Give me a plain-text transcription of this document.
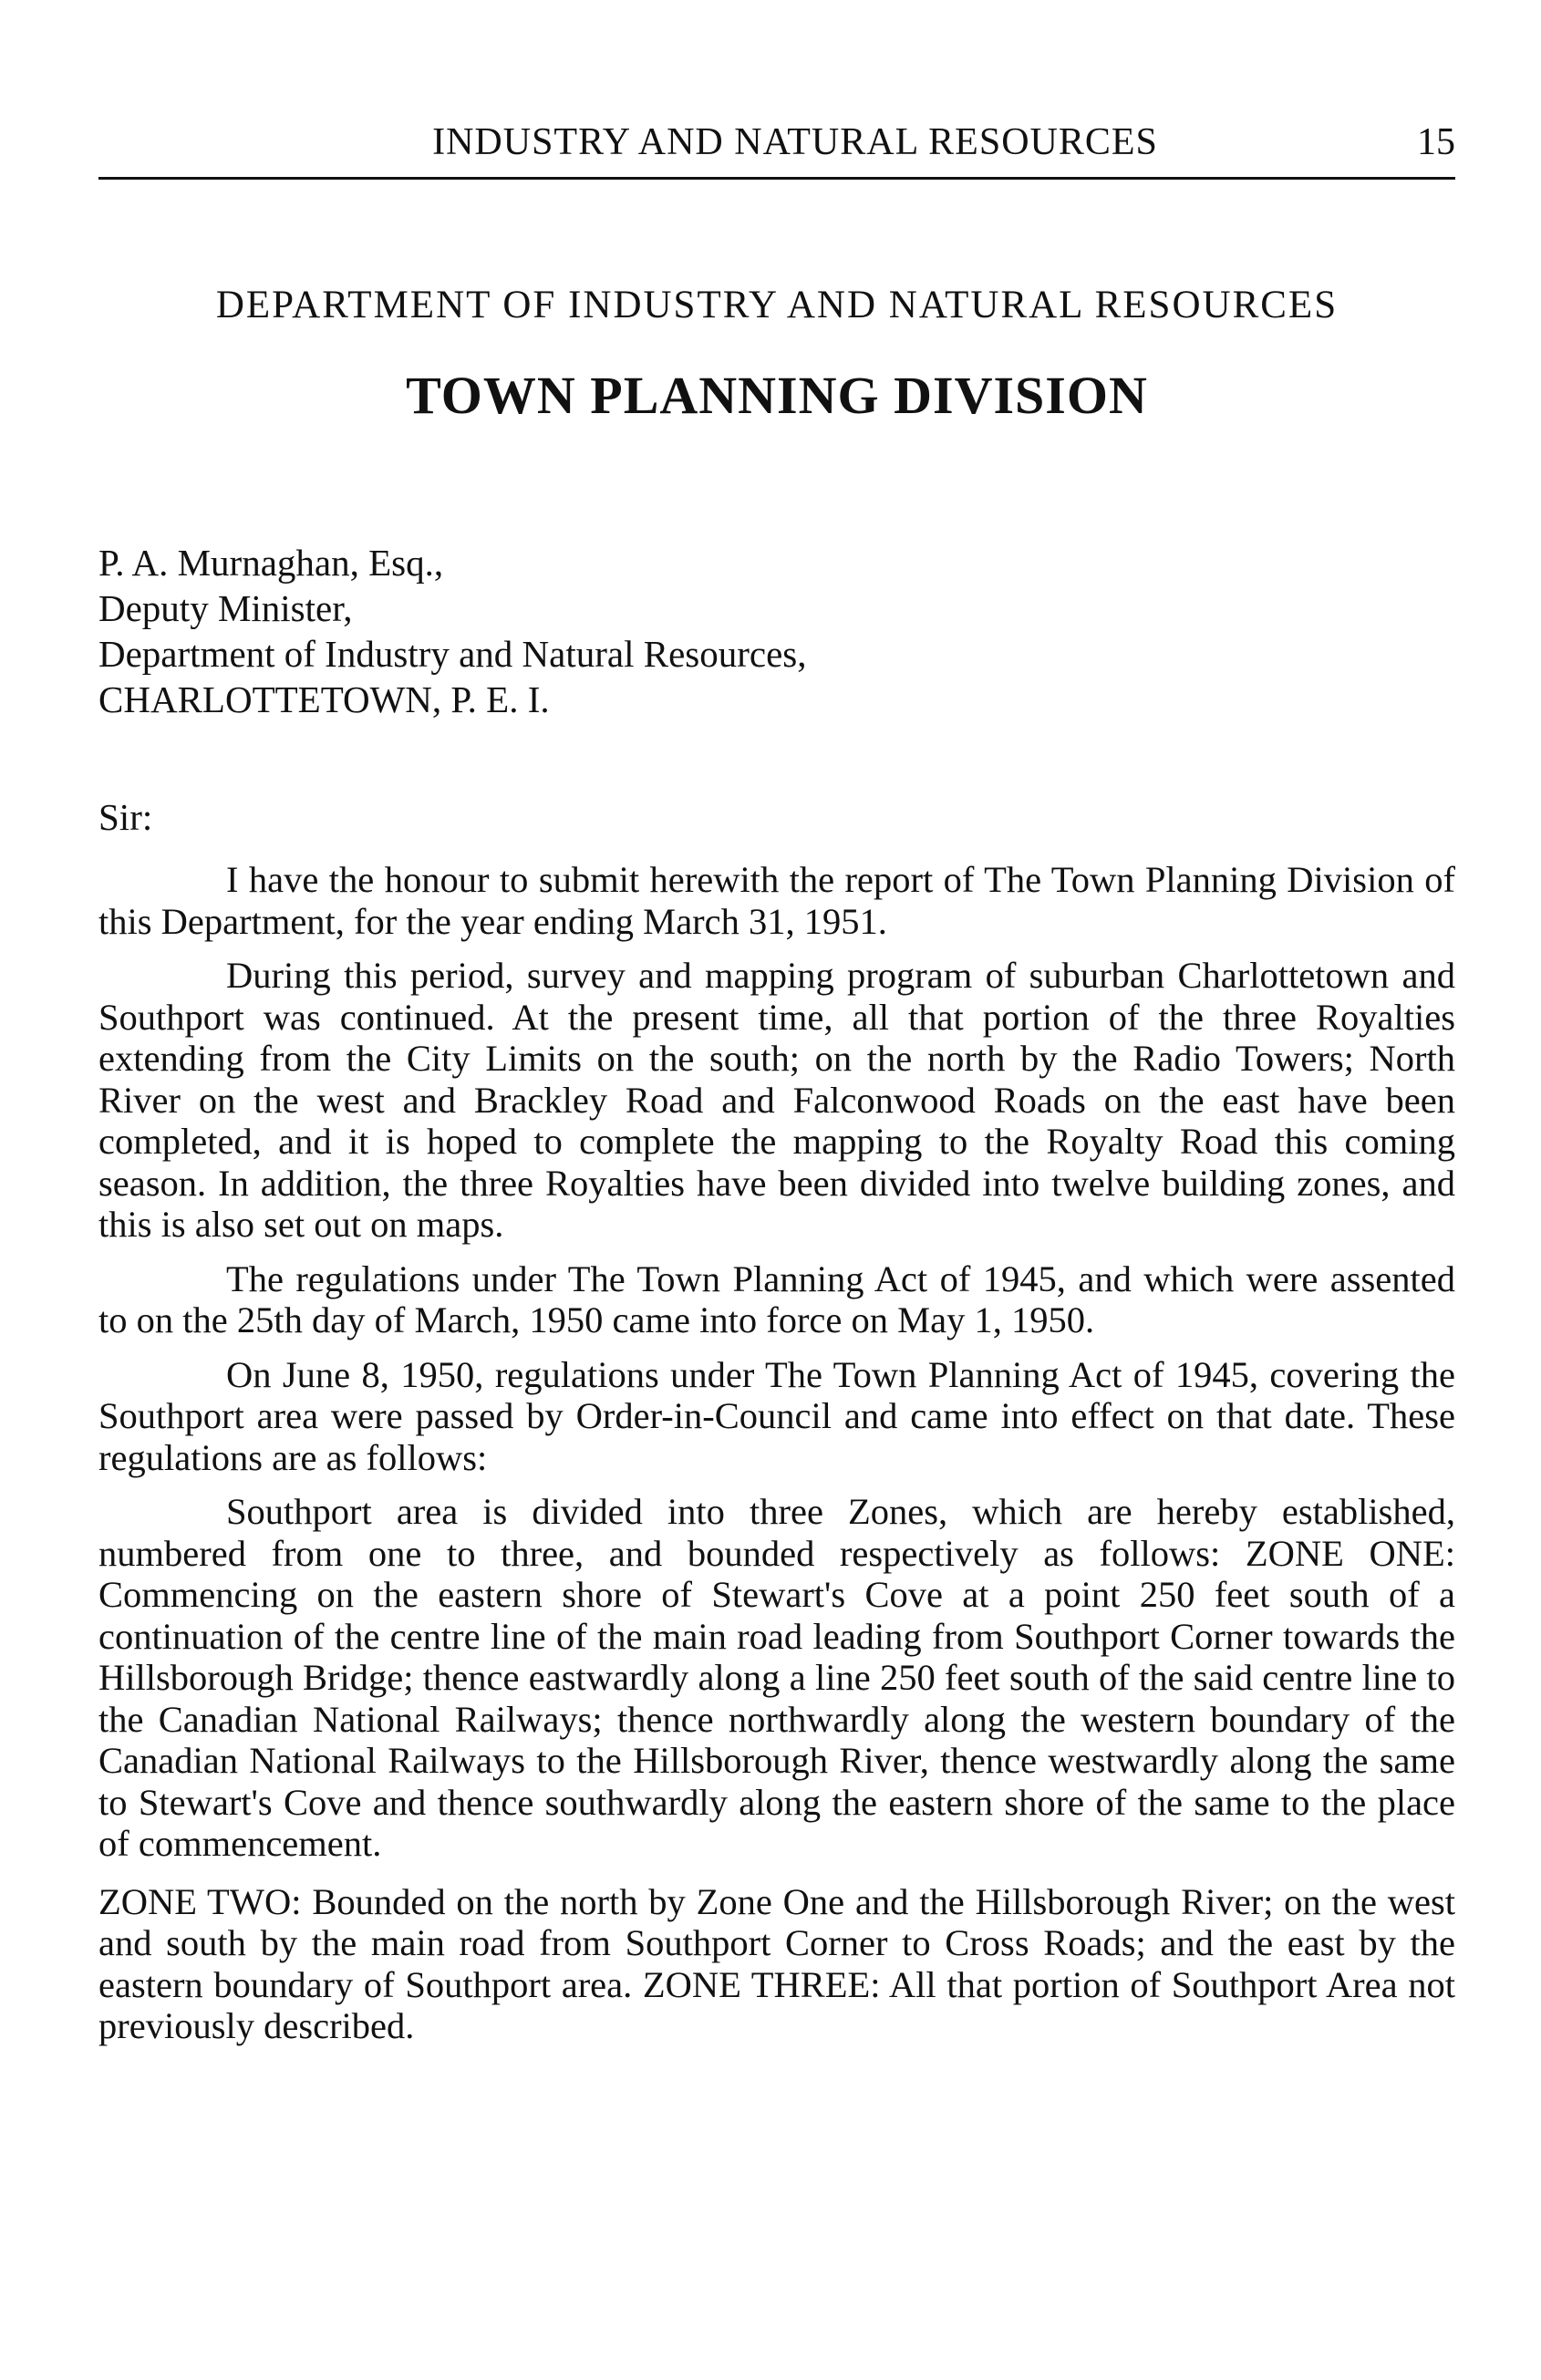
INDUSTRY AND NATURAL RESOURCES	15
DEPARTMENT OF INDUSTRY AND NATURAL RESOURCES
TOWN PLANNING DIVISION
P. A. Murnaghan, Esq.,
Deputy Minister,
Department of Industry and Natural Resources,
CHARLOTTETOWN, P. E. I.
Sir:

I have the honour to submit herewith the report of The Town Planning Division of this Department, for the year ending March 31, 1951.

During this period, survey and mapping program of suburban Charlottetown and Southport was continued. At the present time, all that portion of the three Royalties extending from the City Limits on the south; on the north by the Radio Towers; North River on the west and Brackley Road and Falconwood Roads on the east have been completed, and it is hoped to complete the mapping to the Royalty Road this coming season. In addition, the three Royalties have been divided into twelve building zones, and this is also set out on maps.

The regulations under The Town Planning Act of 1945, and which were assented to on the 25th day of March, 1950 came into force on May 1, 1950.

On June 8, 1950, regulations under The Town Planning Act of 1945, covering the Southport area were passed by Order-in-Council and came into effect on that date. These regulations are as follows:

Southport area is divided into three Zones, which are hereby established, numbered from one to three, and bounded respectively as follows: ZONE ONE: Commencing on the eastern shore of Stewart's Cove at a point 250 feet south of a continuation of the centre line of the main road leading from Southport Corner towards the Hillsborough Bridge; thence eastwardly along a line 250 feet south of the said centre line to the Canadian National Railways; thence northwardly along the western boundary of the Canadian National Railways to the Hillsborough River, thence westwardly along the same to Stewart's Cove and thence southwardly along the eastern shore of the same to the place of commencement.

ZONE TWO: Bounded on the north by Zone One and the Hillsborough River; on the west and south by the main road from Southport Corner to Cross Roads; and the east by the eastern boundary of Southport area. ZONE THREE: All that portion of Southport Area not previously described.
